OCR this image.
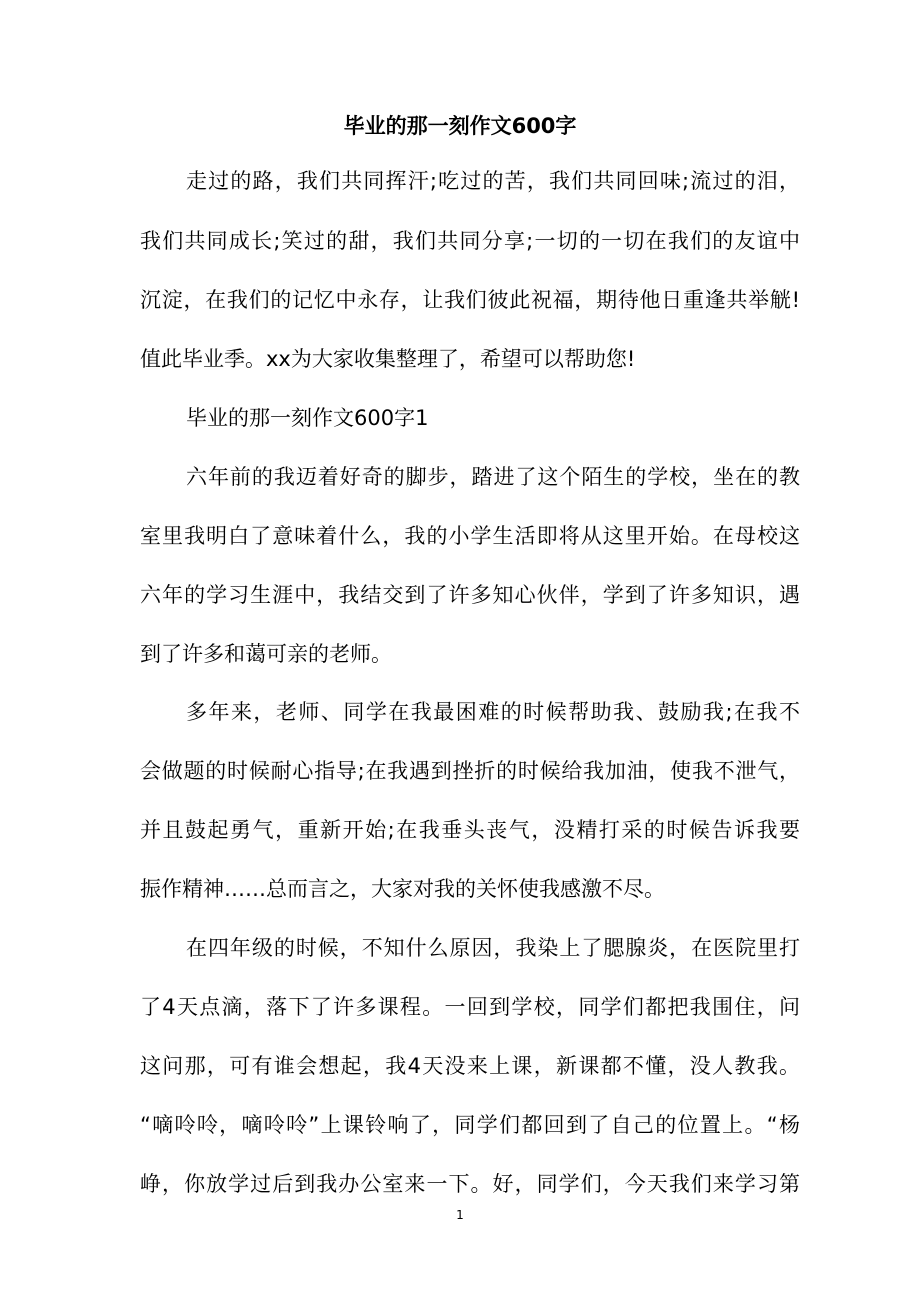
毕业的那一刻作文600字
走过的路，我们共同挥汗;吃过的苦，我们共同回味;流过的泪，
我们共同成长;笑过的甜，我们共同分享;一切的一切在我们的友谊中
沉淀，在我们的记忆中永存，让我们彼此祝福，期待他日重逢共举觥!
值此毕业季。xx为大家收集整理了，希望可以帮助您!
毕业的那一刻作文600字1
六年前的我迈着好奇的脚步，踏进了这个陌生的学校，坐在的教
室里我明白了意味着什么，我的小学生活即将从这里开始。在母校这
六年的学习生涯中，我结交到了许多知心伙伴，学到了许多知识，遇
到了许多和蔼可亲的老师。
多年来，老师、同学在我最困难的时候帮助我、鼓励我;在我不
会做题的时候耐心指导;在我遇到挫折的时候给我加油，使我不泄气，
并且鼓起勇气，重新开始;在我垂头丧气，没精打采的时候告诉我要
振作精神……总而言之，大家对我的关怀使我感激不尽。
在四年级的时候，不知什么原因，我染上了腮腺炎，在医院里打
了4天点滴，落下了许多课程。一回到学校，同学们都把我围住，问
这问那，可有谁会想起，我4天没来上课，新课都不懂，没人教我。
“嘀呤呤，嘀呤呤”上课铃响了，同学们都回到了自己的位置上。“杨
峥，你放学过后到我办公室来一下。好，同学们，今天我们来学习第
1
